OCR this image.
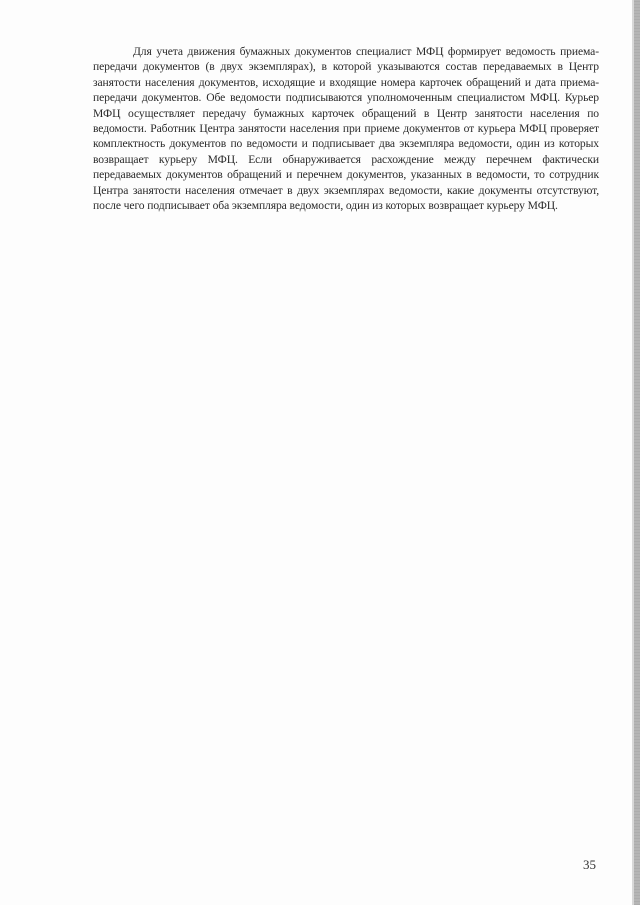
Для учета движения бумажных документов специалист МФЦ формирует ведомость приема-передачи документов (в двух экземплярах), в которой указываются состав передаваемых в Центр занятости населения документов, исходящие и входящие номера карточек обращений и дата приема-передачи документов. Обе ведомости подписываются уполномоченным специалистом МФЦ. Курьер МФЦ осуществляет передачу бумажных карточек обращений в Центр занятости населения по ведомости. Работник Центра занятости населения при приеме документов от курьера МФЦ проверяет комплектность документов по ведомости и подписывает два экземпляра ведомости, один из которых возвращает курьеру МФЦ. Если обнаруживается расхождение между перечнем фактически передаваемых документов обращений и перечнем документов, указанных в ведомости, то сотрудник Центра занятости населения отмечает в двух экземплярах ведомости, какие документы отсутствуют, после чего подписывает оба экземпляра ведомости, один из которых возвращает курьеру МФЦ.

35
